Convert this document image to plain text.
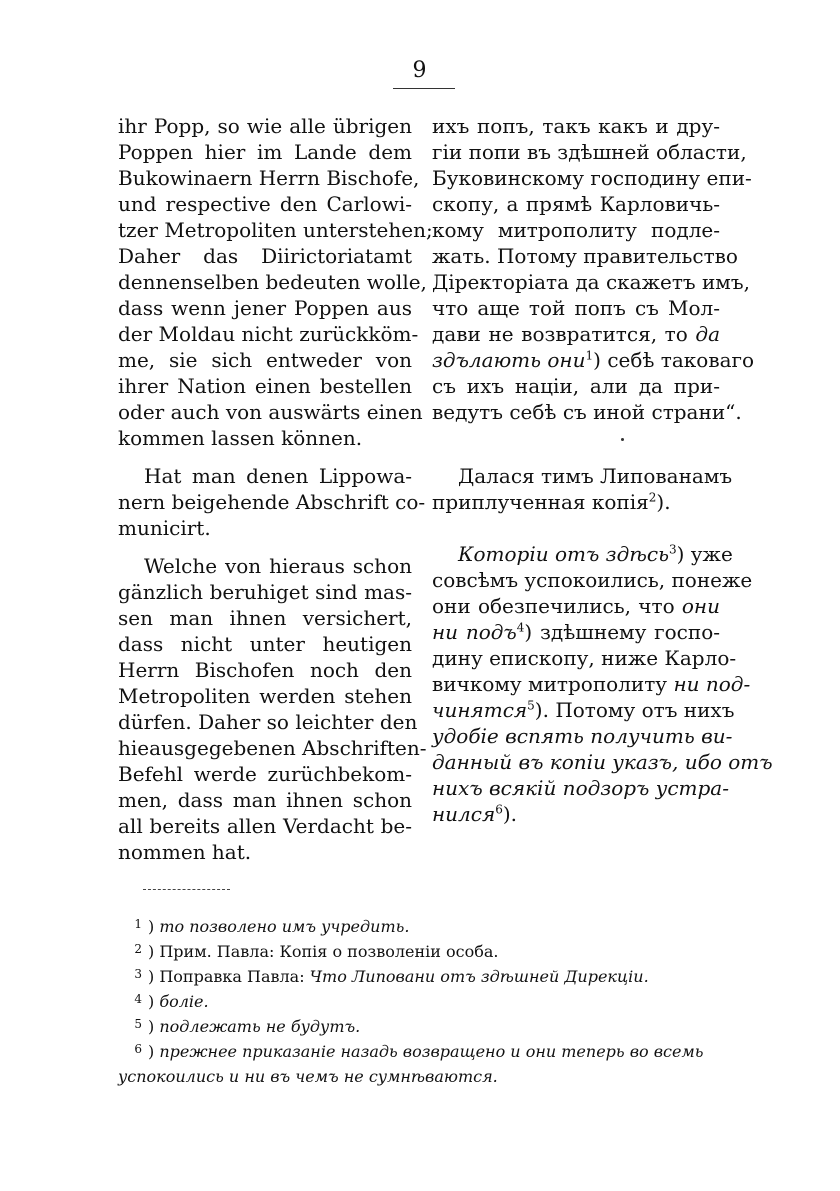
9
ihr Popp, so wie alle übrigen
Poppen hier im Lande dem
Bukowinaern Herrn Bischofe,
und respective den Carlowi-
tzer Metropoliten unterstehen;
Daher das Diirictoriatamt
dennenselben bedeuten wolle,
dass wenn jener Poppen aus
der Moldau nicht zurückköm-
me, sie sich entweder von
ihrer Nation einen bestellen
oder auch von auswärts einen
kommen lassen können.
Hat man denen Lippowa-
nern beigehende Abschrift co-
municirt.
Welche von hieraus schon
gänzlich beruhiget sind mas-
sen man ihnen versichert,
dass nicht unter heutigen
Herrn Bischofen noch den
Metropoliten werden stehen
dürfen. Daher so leichter den
hieausgegebenen Abschriften-
Befehl werde zurüchbekom-
men, dass man ihnen schon
all bereits allen Verdacht be-
nommen hat.
ихъ попъ, такъ какъ и дру-
гіи попи въ здѣшней области,
Буковинскому господину епи-
скопу, а прямѣ Карловичь-
кому митрополиту подле-
жать. Потому правительство
Діректоріата да скажетъ имъ,
что аще той попъ съ Мол-
дави не возвратится, то да
здълають они$^1$) себѣ таковаго
съ ихъ націи, али да при-
ведутъ себѣ съ иной страни“.
Далася тимъ Липованамъ
приплученная копія$^2$).
Которіи отъ здѣсь$^3$) уже
совсѣмъ успокоились, понеже
они обезпечились, что они
ни подъ$^4$) здѣшнему госпо-
дину епископу, ниже Карло-
вичкому митрополиту ни под-
чинятся$^5$). Потому отъ нихъ
удобіе вспять получить ви-
данный въ копіи указъ, ибо отъ
нихъ всякій подзоръ устра-
нился$^6$).
1 ) то позволено имъ учредить.
2 ) Прим. Павла: Копія о позволеніи особа.
3 ) Поправка Павла: Что Липовани отъ здѣшней Дирекціи.
4 ) боліе.
5 ) подлежать не будутъ.
6 ) прежнее приказаніе назадь возвращено и они теперь во всемь
успокоились и ни въ чемъ не сумнѣваются.
